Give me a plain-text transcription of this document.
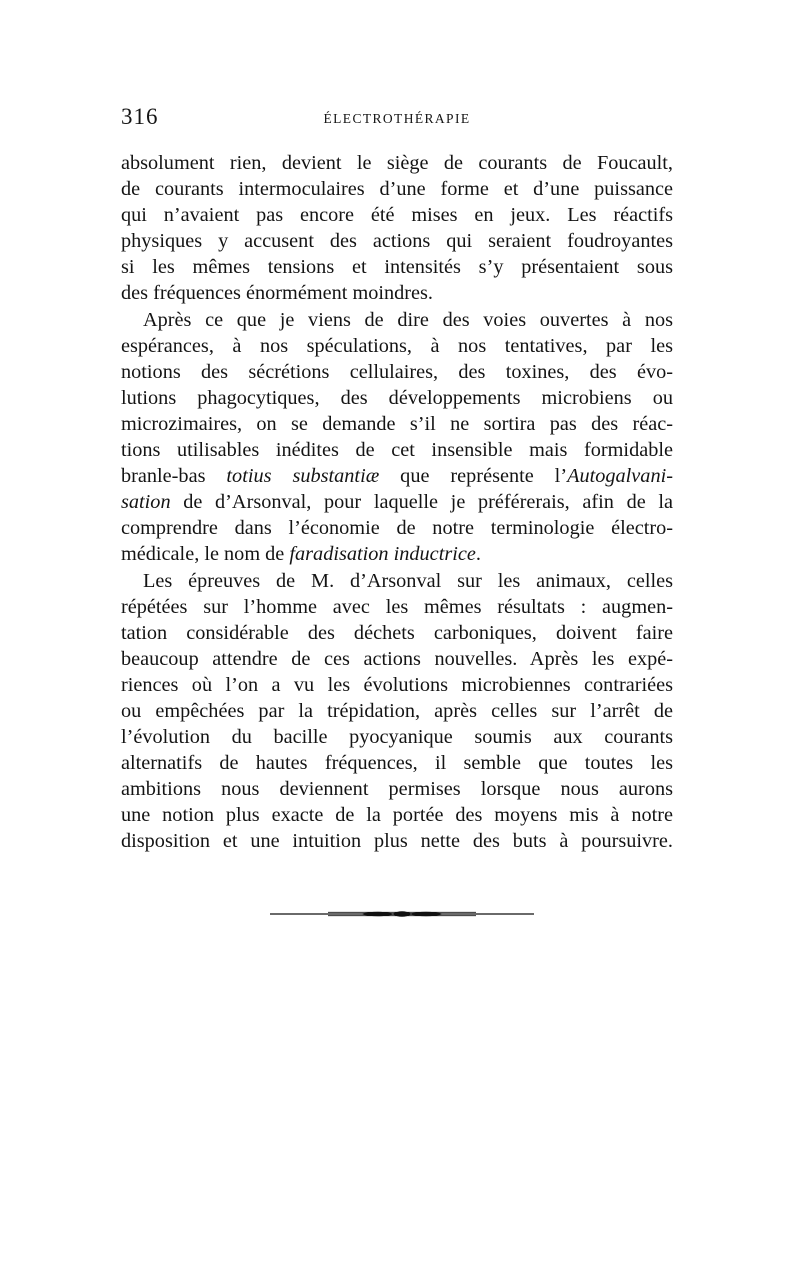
316	ÉLECTROTHÉRAPIE
absolument rien, devient le siège de courants de Foucault,
de courants intermoculaires d’une forme et d’une puissance
qui n’avaient pas encore été mises en jeux. Les réactifs
physiques y accusent des actions qui seraient foudroyantes
si les mêmes tensions et intensités s’y présentaient sous
des fréquences énormément moindres.
Après ce que je viens de dire des voies ouvertes à nos
espérances, à nos spéculations, à nos tentatives, par les
notions des sécrétions cellulaires, des toxines, des évo-
lutions phagocytiques, des développements microbiens ou
microzimaires, on se demande s’il ne sortira pas des réac-
tions utilisables inédites de cet insensible mais formidable
branle-bas totius substantiæ que représente l’Autogalvani-
sation de d’Arsonval, pour laquelle je préférerais, afin de la
comprendre dans l’économie de notre terminologie électro-
médicale, le nom de faradisation inductrice.
Les épreuves de M. d’Arsonval sur les animaux, celles
répétées sur l’homme avec les mêmes résultats : augmen-
tation considérable des déchets carboniques, doivent faire
beaucoup attendre de ces actions nouvelles. Après les expé-
riences où l’on a vu les évolutions microbiennes contrariées
ou empêchées par la trépidation, après celles sur l’arrêt de
l’évolution du bacille pyocyanique soumis aux courants
alternatifs de hautes fréquences, il semble que toutes les
ambitions nous deviennent permises lorsque nous aurons
une notion plus exacte de la portée des moyens mis à notre
disposition et une intuition plus nette des buts à poursuivre.
